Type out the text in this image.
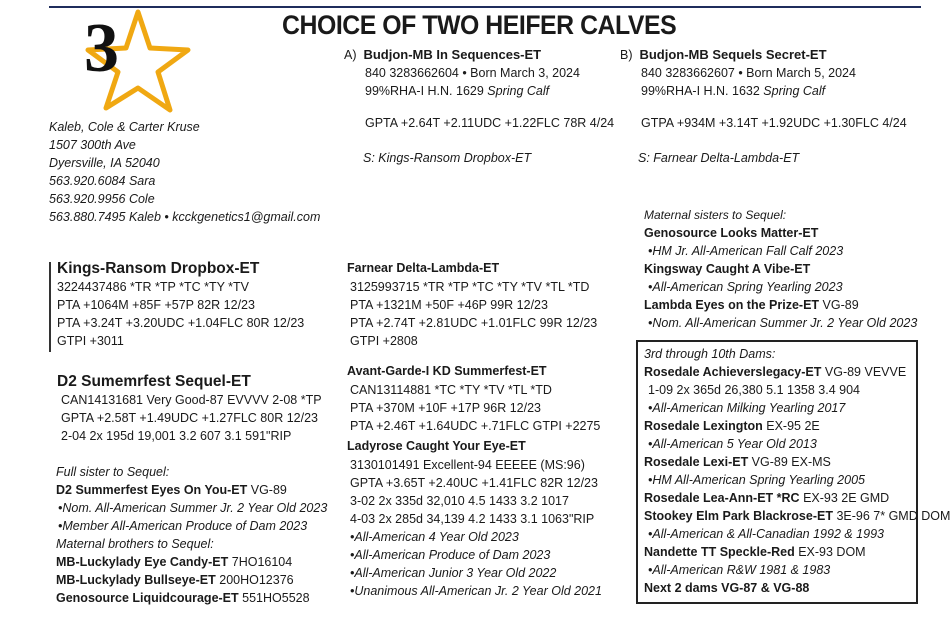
3	CHOICE OF TWO HEIFER CALVES
Kaleb, Cole & Carter Kruse
1507 300th Ave
Dyersville, IA 52040
563.920.6084 Sara
563.920.9956 Cole
563.880.7495 Kaleb • kcckgenetics1@gmail.com
A) Budjon-MB In Sequences-ET
840 3283662604 • Born March 3, 2024
99%RHA-I H.N. 1629 Spring Calf
GPTA +2.64T +2.11UDC +1.22FLC 78R 4/24
S: Kings-Ransom Dropbox-ET
B) Budjon-MB Sequels Secret-ET
840 3283662607 • Born March 5, 2024
99%RHA-I H.N. 1632 Spring Calf
GTPA +934M +3.14T +1.92UDC +1.30FLC 4/24
S: Farnear Delta-Lambda-ET
Kings-Ransom Dropbox-ET
3224437486 *TR *TP *TC *TY *TV
PTA +1064M +85F +57P 82R 12/23
PTA +3.24T +3.20UDC +1.04FLC 80R 12/23
GTPI +3011
D2 Sumemrfest Sequel-ET
CAN14131681 Very Good-87 EVVVV 2-08 *TP
GPTA +2.58T +1.49UDC +1.27FLC 80R 12/23
2-04 2x 195d 19,001 3.2 607 3.1 591"RIP
Full sister to Sequel:
D2 Summerfest Eyes On You-ET VG-89
•Nom. All-American Summer Jr. 2 Year Old 2023
•Member All-American Produce of Dam 2023
Maternal brothers to Sequel:
MB-Luckylady Eye Candy-ET 7HO16104
MB-Luckylady Bullseye-ET 200HO12376
Genosource Liquidcourage-ET 551HO5528
Farnear Delta-Lambda-ET
3125993715 *TR *TP *TC *TY *TV *TL *TD
PTA +1321M +50F +46P 99R 12/23
PTA +2.74T +2.81UDC +1.01FLC 99R 12/23
GTPI +2808
Avant-Garde-I KD Summerfest-ET
CAN13114881 *TC *TY *TV *TL *TD
PTA +370M +10F +17P 96R 12/23
PTA +2.46T +1.64UDC +.71FLC GTPI +2275
Ladyrose Caught Your Eye-ET
3130101491 Excellent-94 EEEEE (MS:96)
GPTA +3.65T +2.40UC +1.41FLC 82R 12/23
3-02 2x 335d 32,010 4.5 1433 3.2 1017
4-03 2x 285d 34,139 4.2 1433 3.1 1063"RIP
•All-American 4 Year Old 2023
•All-American Produce of Dam 2023
•All-American Junior 3 Year Old 2022
•Unanimous All-American Jr. 2 Year Old 2021
Maternal sisters to Sequel:
Genosource Looks Matter-ET
•HM Jr. All-American Fall Calf 2023
Kingsway Caught A Vibe-ET
•All-American Spring Yearling 2023
Lambda Eyes on the Prize-ET VG-89
•Nom. All-American Summer Jr. 2 Year Old 2023
3rd through 10th Dams:
Rosedale Achieverslegacy-ET VG-89 VEVVE
1-09 2x 365d 26,380 5.1 1358 3.4 904
•All-American Milking Yearling 2017
Rosedale Lexington EX-95 2E
•All-American 5 Year Old 2013
Rosedale Lexi-ET VG-89 EX-MS
•HM All-American Spring Yearling 2005
Rosedale Lea-Ann-ET *RC EX-93 2E GMD
Stookey Elm Park Blackrose-ET 3E-96 7* GMD DOM
•All-American & All-Canadian 1992 & 1993
Nandette TT Speckle-Red EX-93 DOM
•All-American R&W 1981 & 1983
Next 2 dams VG-87 & VG-88
